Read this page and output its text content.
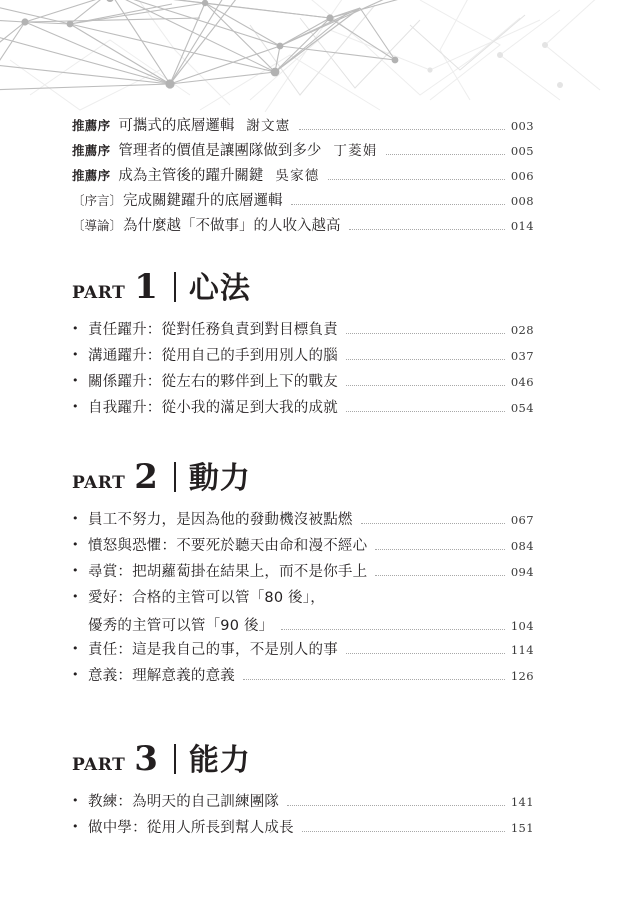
推薦序 可攜式的底層邏輯 謝文憲	003
推薦序 管理者的價值是讓團隊做到多少 丁菱娟	005
推薦序 成為主管後的躍升關鍵 吳家德	006
〔序言〕 完成關鍵躍升的底層邏輯	008
〔導論〕 為什麼越「不做事」的人收入越高	014
PART 1 心法
• 責任躍升：從對任務負責到對目標負責	028
• 溝通躍升：從用自己的手到用別人的腦	037
• 關係躍升：從左右的夥伴到上下的戰友	046
• 自我躍升：從小我的滿足到大我的成就	054
PART 2 動力
• 員工不努力，是因為他的發動機沒被點燃	067
• 憤怒與恐懼：不要死於聽天由命和漫不經心	084
• 尋賞：把胡蘿蔔掛在結果上，而不是你手上	094
• 愛好：合格的主管可以管「80 後」，
優秀的主管可以管「90 後」	104
• 責任：這是我自己的事，不是別人的事	114
• 意義：理解意義的意義	126
PART 3 能力
• 教練：為明天的自己訓練團隊	141
• 做中學：從用人所長到幫人成長	151
